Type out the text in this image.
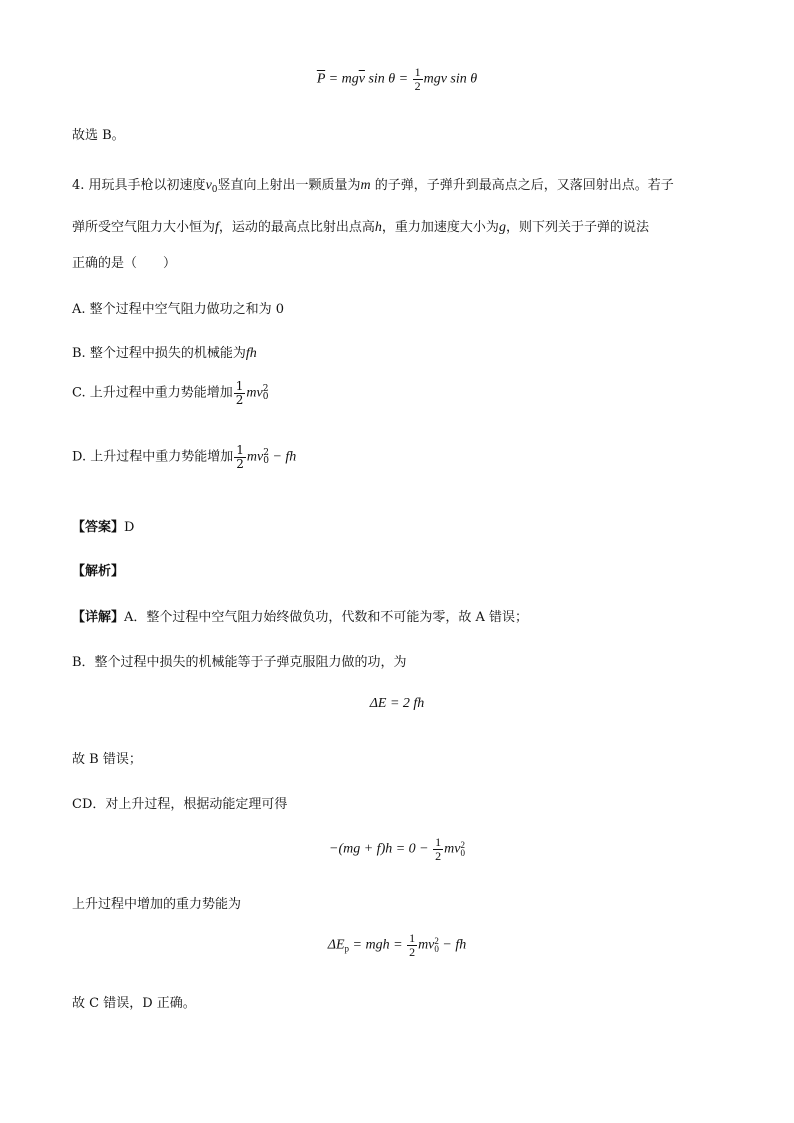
$\overline{P} = mg\overline{v}$ $\sin \theta = \frac{1}{2}$ mgv sin θ
故选 B。
4. 用玩具手枪以初速度$v_0$竖直向上射出一颗质量为m 的子弹，子弹升到最高点之后，又落回射出点。若子
弹所受空气阻力大小恒为f，运动的最高点比射出点高h，重力加速度大小为g，则下列关于子弹的说法
正确的是（　　）
A. 整个过程中空气阻力做功之和为 0
B. 整个过程中损失的机械能为fh
C. 上升过程中重力势能增加 $\frac{1}{2}$ mv 2
0
D. 上升过程中重力势能增加 $\frac{1}{2}$ mv 2
0 − fh
【答案】D
【解析】
【详解】A．整个过程中空气阻力始终做负功，代数和不可能为零，故 A 错误；
B．整个过程中损失的机械能等于子弹克服阻力做的功，为
ΔE = 2 fh
故 B 错误；
CD．对上升过程，根据动能定理可得
$-(mg + f)h = 0 - \frac{1}{2}$ mv 2
0
上升过程中增加的重力势能为
$\Delta E_p$ = mgh = $\frac{1}{2}$ mv 2
0 − fh
故 C 错误，D 正确。
